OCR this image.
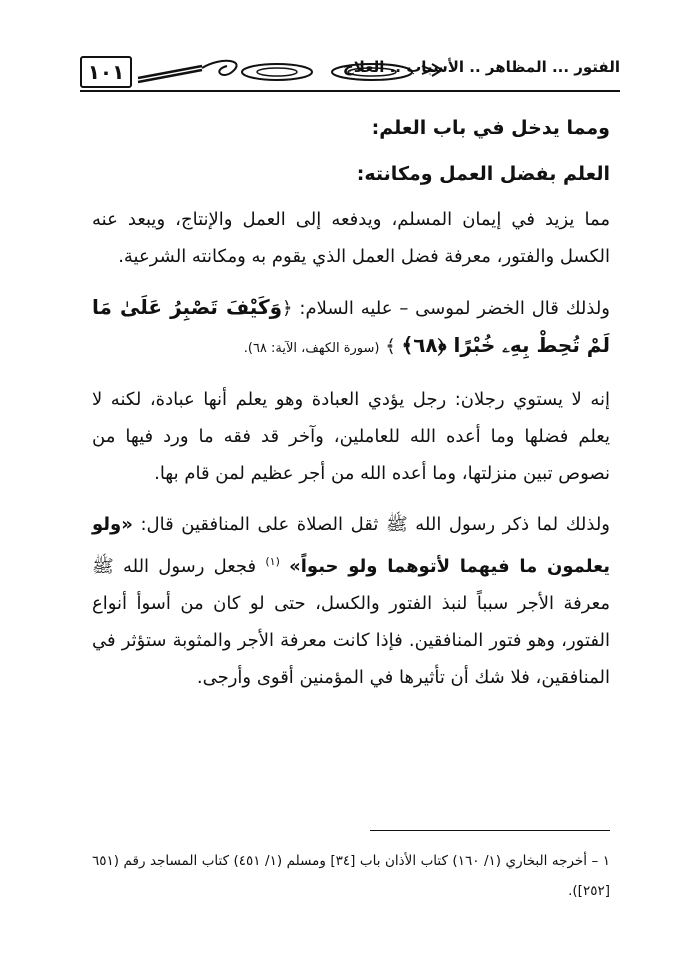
١٠١	الفتور ... المظاهر .. الأسباب .. العلاج

ومما يدخل في باب العلم:

العلم بفضل العمل ومكانته:

مما يزيد في إيمان المسلم، ويدفعه إلى العمل والإنتاج، ويبعد عنه الكسل والفتور، معرفة فضل العمل الذي يقوم به ومكانته الشرعية.

ولذلك قال الخضر لموسى – عليه السلام: ﴿وَكَيْفَ تَصْبِرُ عَلَىٰ مَا لَمْ تُحِطْ بِهِۦ خُبْرًا ﴿٦٨﴾ ﴾ (سورة الكهف، الآية: ٦٨).

إنه لا يستوي رجلان: رجل يؤدي العبادة وهو يعلم أنها عبادة، لكنه لا يعلم فضلها وما أعده الله للعاملين، وآخر قد فقه ما ورد فيها من نصوص تبين منزلتها، وما أعده الله من أجر عظيم لمن قام بها.

ولذلك لما ذكر رسول الله ﷺ ثقل الصلاة على المنافقين قال: «ولو يعلمون ما فيهما لأتوهما ولو حبواً» $^{(١)}$ فجعل رسول الله ﷺ معرفة الأجر سبباً لنبذ الفتور والكسل، حتى لو كان من أسوأ أنواع الفتور، وهو فتور المنافقين. فإذا كانت معرفة الأجر والمثوبة ستؤثر في المنافقين، فلا شك أن تأثيرها في المؤمنين أقوى وأرجى.

١ – أخرجه البخاري (١/ ١٦٠) كتاب الأذان باب [٣٤] ومسلم (١/ ٤٥١) كتاب المساجد رقم (٦٥١ [٢٥٢]).
